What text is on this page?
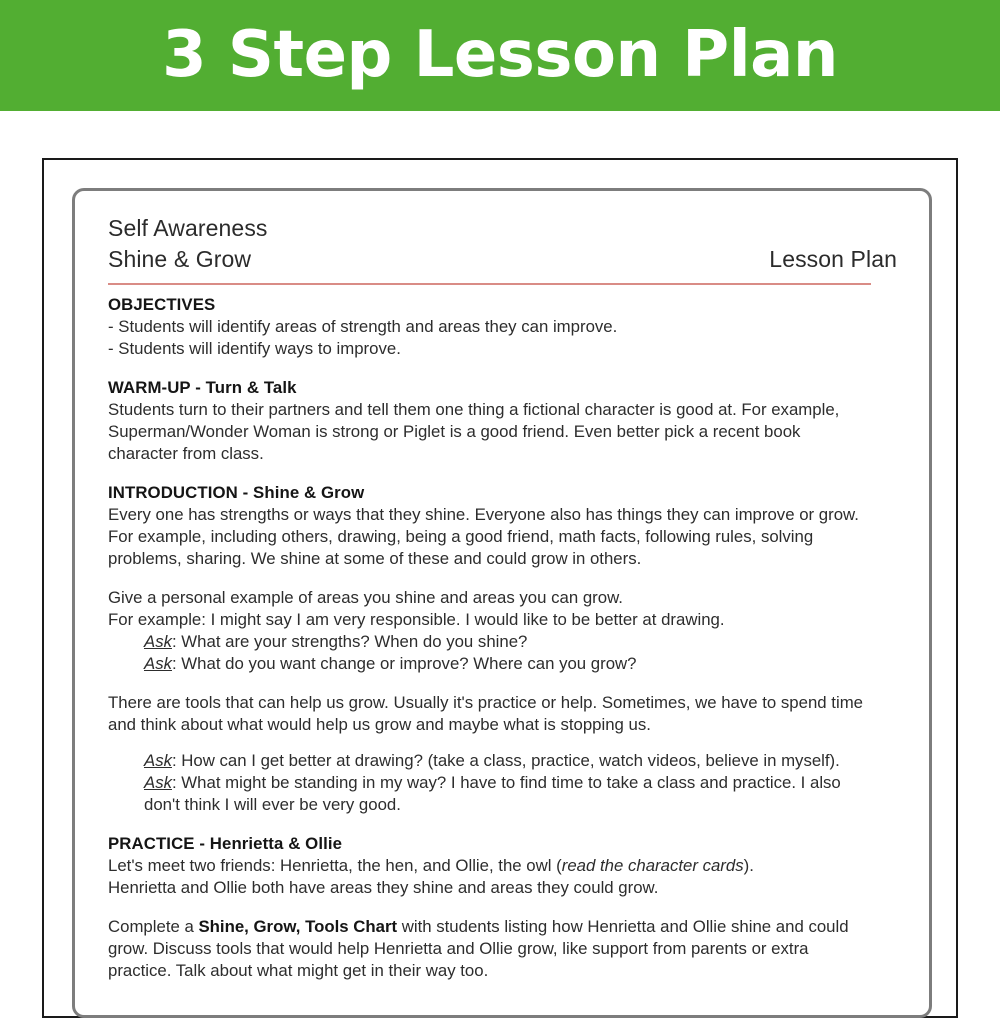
3 Step Lesson Plan
Self Awareness
Shine & Grow	Lesson Plan
OBJECTIVES

- Students will identify areas of strength and areas they can improve.

- Students will identify ways to improve.

WARM-UP - Turn & Talk

Students turn to their partners and tell them one thing a fictional character is good at. For example, Superman/Wonder Woman is strong or Piglet is a good friend. Even better pick a recent book character from class.

INTRODUCTION - Shine & Grow

Every one has strengths or ways that they shine. Everyone also has things they can improve or grow. For example, including others, drawing, being a good friend, math facts, following rules, solving problems, sharing. We shine at some of these and could grow in others.

Give a personal example of areas you shine and areas you can grow.

For example: I might say I am very responsible. I would like to be better at drawing.

Ask: What are your strengths? When do you shine?

Ask: What do you want change or improve? Where can you grow?

There are tools that can help us grow. Usually it's practice or help. Sometimes, we have to spend time and think about what would help us grow and maybe what is stopping us.

Ask: How can I get better at drawing? (take a class, practice, watch videos, believe in myself).

Ask: What might be standing in my way? I have to find time to take a class and practice. I also don't think I will ever be very good.

PRACTICE - Henrietta & Ollie

Let's meet two friends: Henrietta, the hen, and Ollie, the owl (read the character cards).

Henrietta and Ollie both have areas they shine and areas they could grow.

Complete a Shine, Grow, Tools Chart with students listing how Henrietta and Ollie shine and could grow. Discuss tools that would help Henrietta and Ollie grow, like support from parents or extra practice. Talk about what might get in their way too.
